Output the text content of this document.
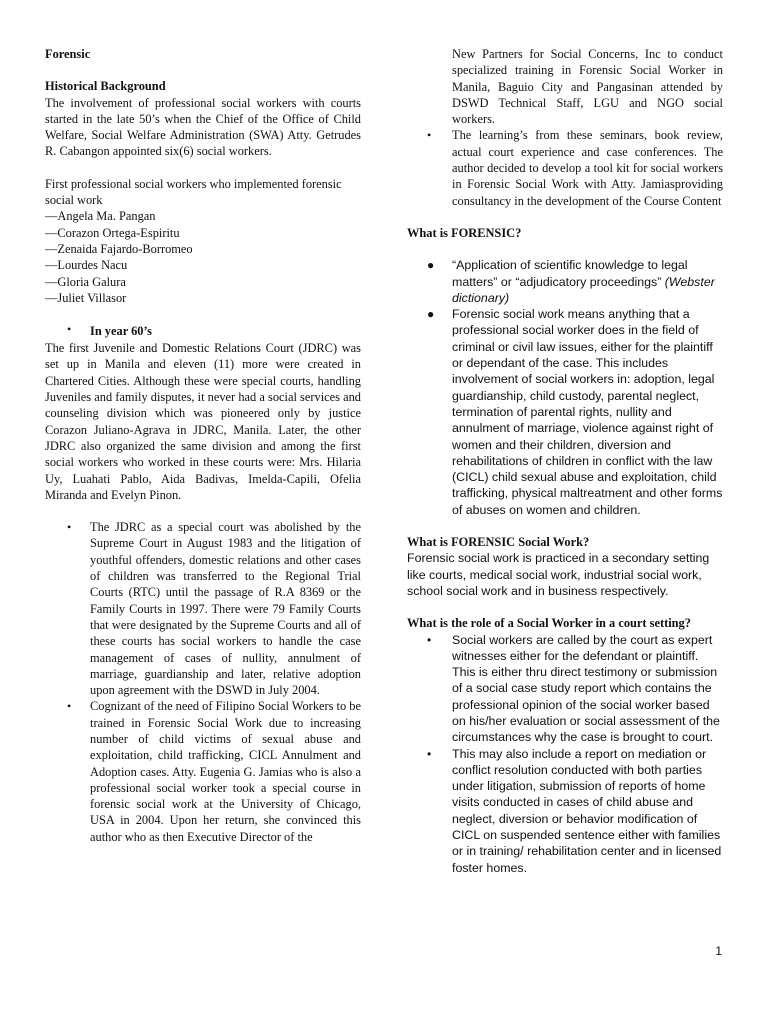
Forensic
Historical Background

The involvement of professional social workers with courts started in the late 50’s when the Chief of the Office of Child Welfare, Social Welfare Administration (SWA) Atty. Getrudes R. Cabangon appointed six(6) social workers.

First professional social workers who implemented forensic social work

—Angela Ma. Pangan
—Corazon Ortega-Espiritu
—Zenaida Fajardo-Borromeo
—Lourdes Nacu
—Gloria Galura
—Juliet Villasor
• In year 60’s

The first Juvenile and Domestic Relations Court (JDRC) was set up in Manila and eleven (11) more were created in Chartered Cities. Although these were special courts, handling Juveniles and family disputes, it never had a social services and counseling division which was pioneered only by justice Corazon Juliano-Agrava in JDRC, Manila. Later, the other JDRC also organized the same division and among the first social workers who worked in these courts were: Mrs. Hilaria Uy, Luahati Pablo, Aida Badivas, Imelda-Capili, Ofelia Miranda and Evelyn Pinon.

• The JDRC as a special court was abolished by the Supreme Court in August 1983 and the litigation of youthful offenders, domestic relations and other cases of children was transferred to the Regional Trial Courts (RTC) until the passage of R.A 8369 or the Family Courts in 1997. There were 79 Family Courts that were designated by the Supreme Courts and all of these courts has social workers to handle the case management of cases of nullity, annulment of marriage, guardianship and later, relative adoption upon agreement with the DSWD in July 2004.
• Cognizant of the need of Filipino Social Workers to be trained in Forensic Social Work due to increasing number of child victims of sexual abuse and exploitation, child trafficking, CICL Annulment and Adoption cases. Atty. Eugenia G. Jamias who is also a professional social worker took a special course in forensic social work at the University of Chicago, USA in 2004. Upon her return, she convinced this author who as then Executive Director of the

New Partners for Social Concerns, Inc to conduct specialized training in Forensic Social Worker in Manila, Baguio City and Pangasinan attended by DSWD Technical Staff, LGU and NGO social workers.

• The learning’s from these seminars, book review, actual court experience and case conferences. The author decided to develop a tool kit for social workers in Forensic Social Work with Atty. Jamiasproviding consultancy in the development of the Course Content
What is FORENSIC?
● “Application of scientific knowledge to legal matters” or “adjudicatory proceedings” (Webster dictionary)
● Forensic social work means anything that a professional social worker does in the field of criminal or civil law issues, either for the plaintiff or dependant of the case. This includes involvement of social workers in: adoption, legal guardianship, child custody, parental neglect, termination of parental rights, nullity and annulment of marriage, violence against right of women and their children, diversion and rehabilitations of children in conflict with the law (CICL) child sexual abuse and exploitation, child trafficking, physical maltreatment and other forms of abuses on women and children.
What is FORENSIC Social Work?

Forensic social work is practiced in a secondary setting like courts, medical social work, industrial social work, school social work and in business respectively.

What is the role of a Social Worker in a court setting?
• Social workers are called by the court as expert witnesses either for the defendant or plaintiff. This is either thru direct testimony or submission of a social case study report which contains the professional opinion of the social worker based on his/her evaluation or social assessment of the circumstances why the case is brought to court.
• This may also include a report on mediation or conflict resolution conducted with both parties under litigation, submission of reports of home visits conducted in cases of child abuse and neglect, diversion or behavior modification of CICL on suspended sentence either with families or in training/ rehabilitation center and in licensed foster homes.
1
